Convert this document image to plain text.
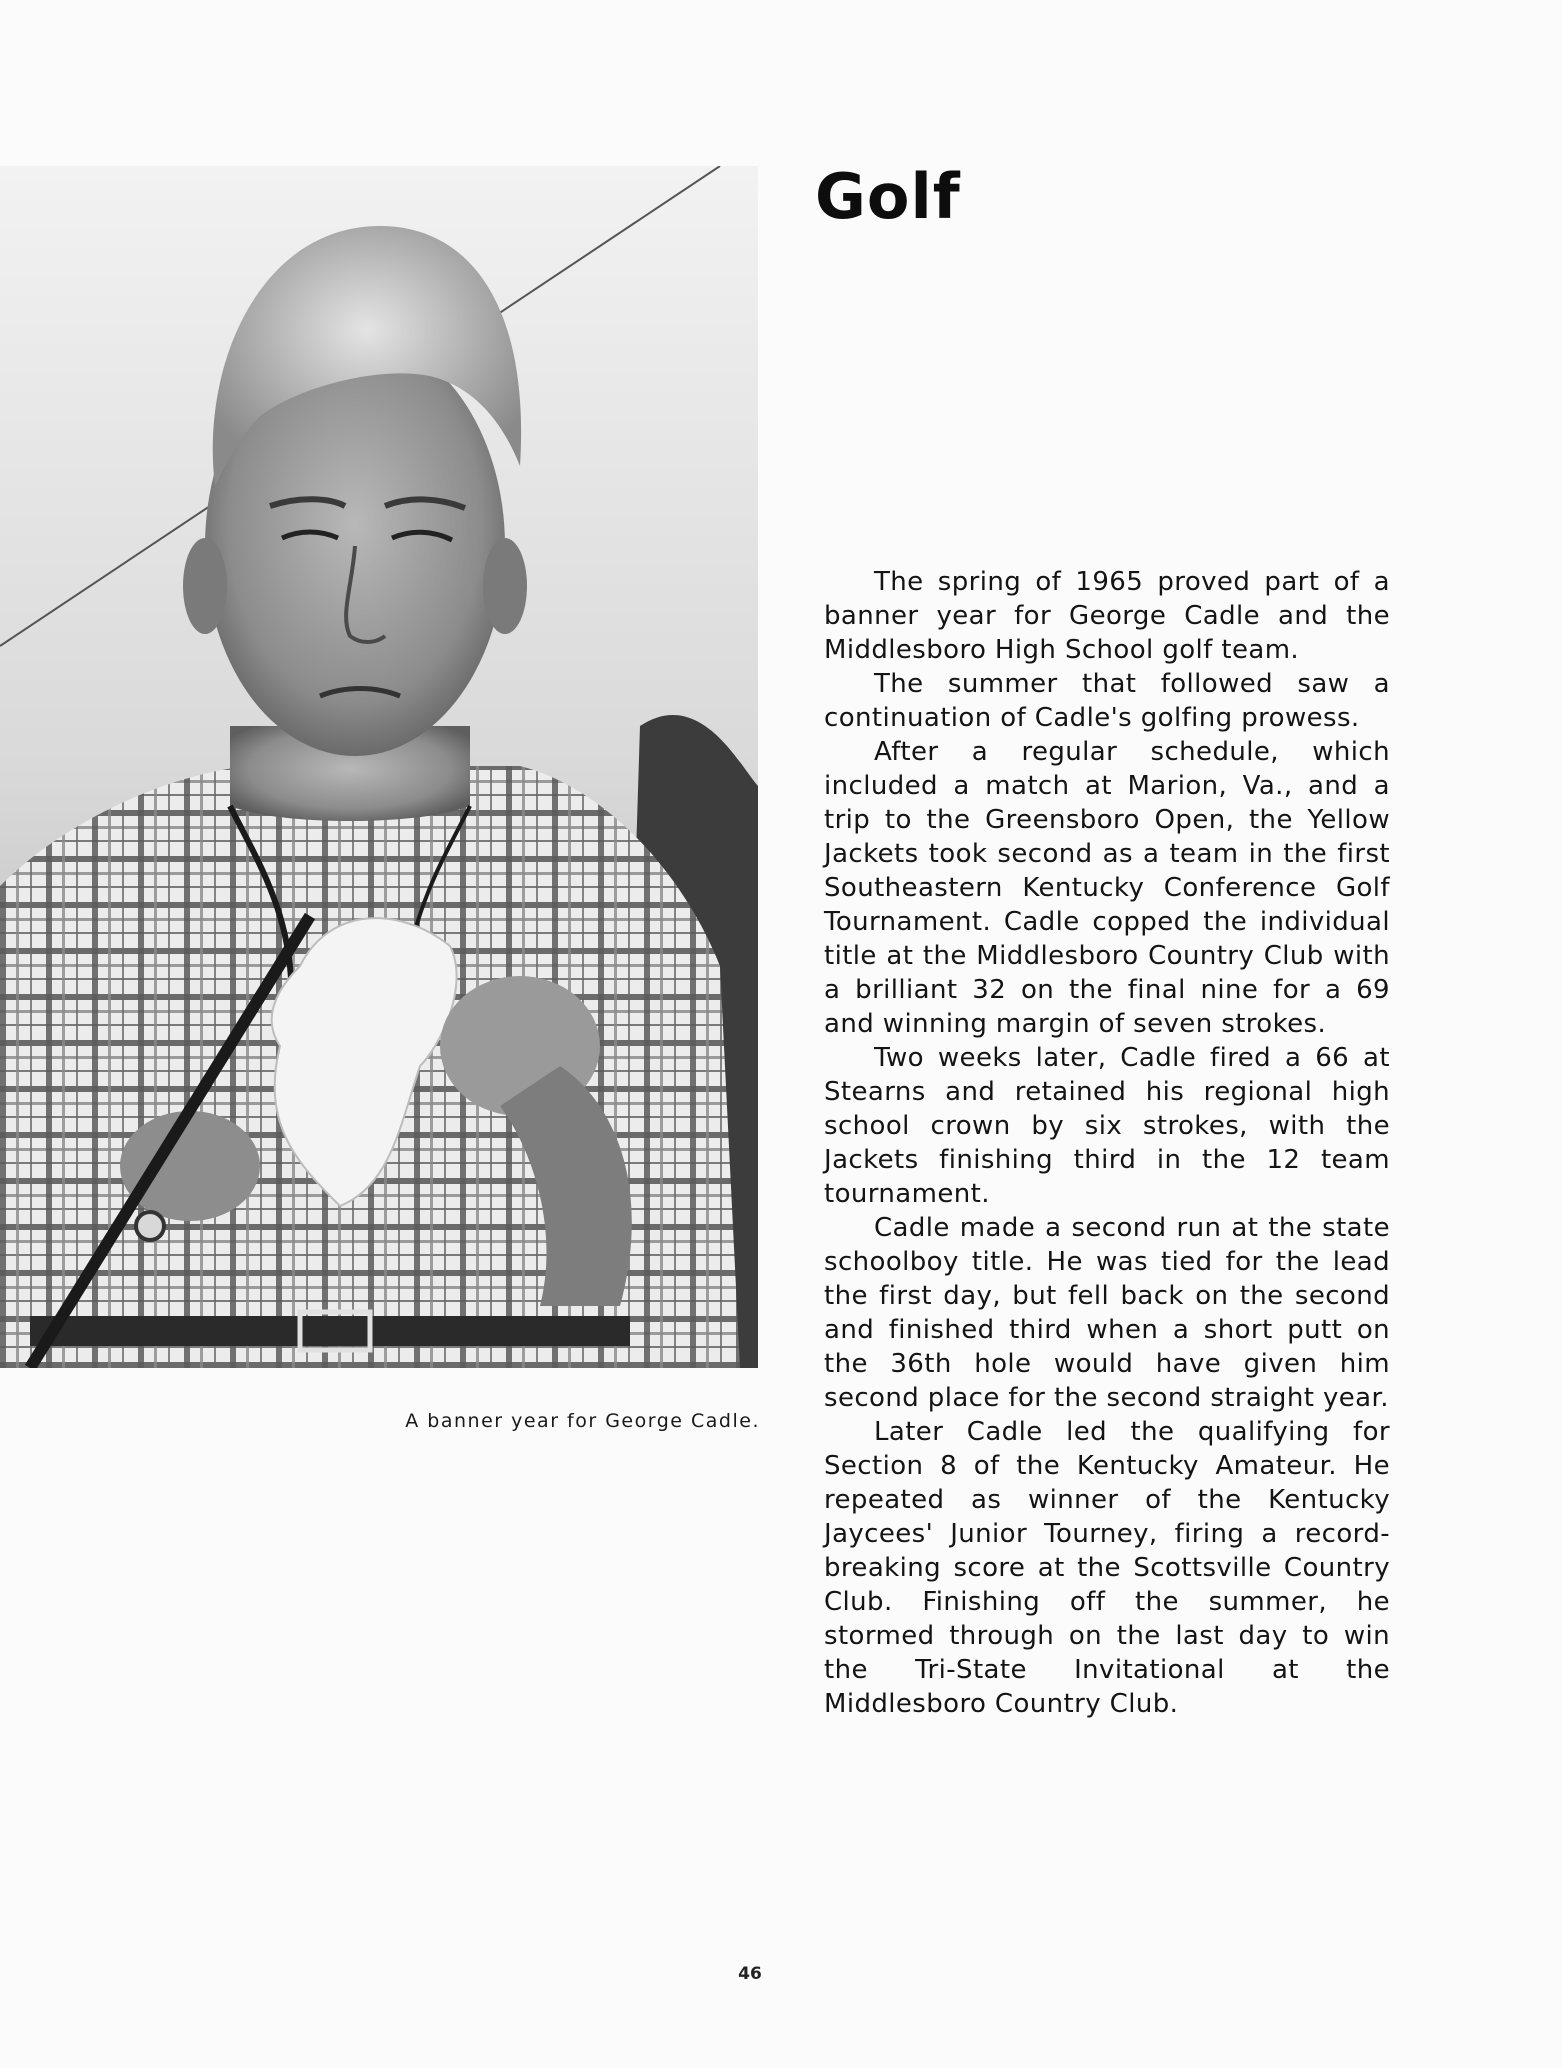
A banner year for George Cadle.
Golf

The spring of 1965 proved part of a banner year for George Cadle and the Middlesboro High School golf team.

The summer that followed saw a continuation of Cadle's golfing prowess.

After a regular schedule, which included a match at Marion, Va., and a trip to the Greensboro Open, the Yellow Jackets took second as a team in the first Southeastern Kentucky Conference Golf Tournament. Cadle copped the individual title at the Middlesboro Country Club with a brilliant 32 on the final nine for a 69 and winning margin of seven strokes.

Two weeks later, Cadle fired a 66 at Stearns and retained his regional high school crown by six strokes, with the Jackets finishing third in the 12 team tournament.

Cadle made a second run at the state schoolboy title. He was tied for the lead the first day, but fell back on the second and finished third when a short putt on the 36th hole would have given him second place for the second straight year.

Later Cadle led the qualifying for Section 8 of the Kentucky Amateur. He repeated as winner of the Kentucky Jaycees' Junior Tourney, firing a record-breaking score at the Scottsville Country Club. Finishing off the summer, he stormed through on the last day to win the Tri-State Invitational at the Middlesboro Country Club.

46
